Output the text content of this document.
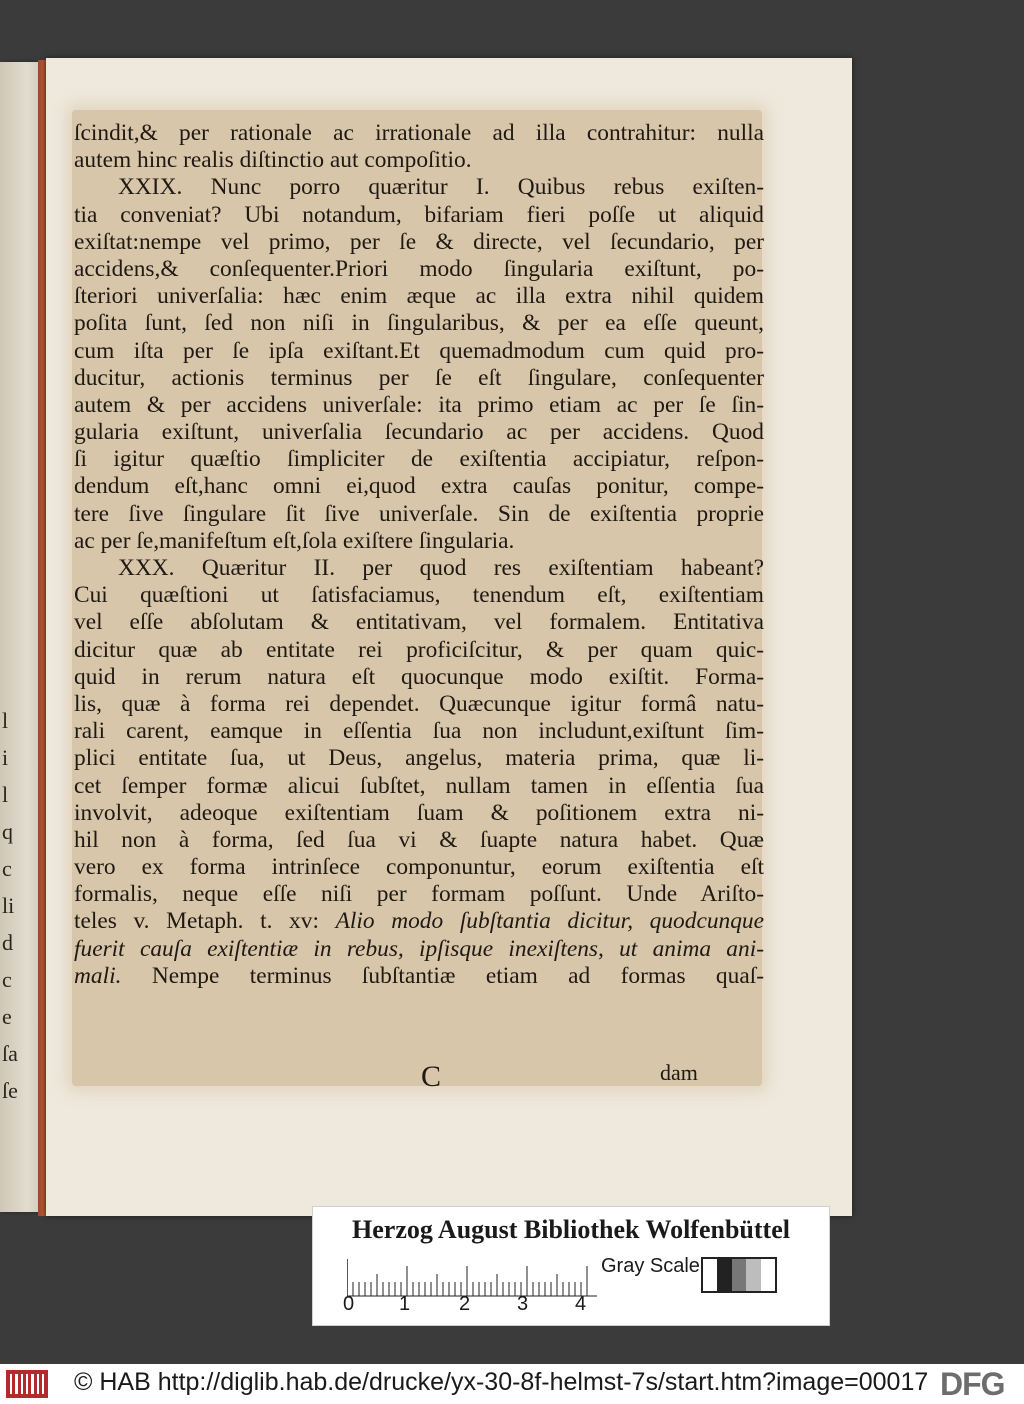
l
i
l
q
c
li
d
c
e
ſa
ſe
ſcindit,& per rationale ac irrationale ad illa contrahitur: nulla
autem hinc realis diſtinctio aut compoſitio.
XXIX. Nunc porro quæritur I. Quibus rebus exiſten-
tia conveniat? Ubi notandum, bifariam fieri poſſe ut aliquid
exiſtat:nempe vel primo, per ſe & directe, vel ſecundario, per
accidens,& conſequenter.Priori modo ſingularia exiſtunt, po-
ſteriori univerſalia: hæc enim æque ac illa extra nihil quidem
poſita ſunt, ſed non niſi in ſingularibus, & per ea eſſe queunt,
cum iſta per ſe ipſa exiſtant.Et quemadmodum cum quid pro-
ducitur, actionis terminus per ſe eſt ſingulare, conſequenter
autem & per accidens univerſale: ita primo etiam ac per ſe ſin-
gularia exiſtunt, univerſalia ſecundario ac per accidens. Quod
ſi igitur quæſtio ſimpliciter de exiſtentia accipiatur, reſpon-
dendum eſt,hanc omni ei,quod extra cauſas ponitur, compe-
tere ſive ſingulare ſit ſive univerſale. Sin de exiſtentia proprie
ac per ſe,manifeſtum eſt,ſola exiſtere ſingularia.
XXX. Quæritur II. per quod res exiſtentiam habeant?
Cui quæſtioni ut ſatisfaciamus, tenendum eſt, exiſtentiam
vel eſſe abſolutam & entitativam, vel formalem. Entitativa
dicitur quæ ab entitate rei proficiſcitur, & per quam quic-
quid in rerum natura eſt quocunque modo exiſtit. Forma-
lis, quæ à forma rei dependet. Quæcunque igitur formâ natu-
rali carent, eamque in eſſentia ſua non includunt,exiſtunt ſim-
plici entitate ſua, ut Deus, angelus, materia prima, quæ li-
cet ſemper formæ alicui ſubſtet, nullam tamen in eſſentia ſua
involvit, adeoque exiſtentiam ſuam & poſitionem extra ni-
hil non à forma, ſed ſua vi & ſuapte natura habet. Quæ
vero ex forma intrinſece componuntur, eorum exiſtentia eſt
formalis, neque eſſe niſi per formam poſſunt. Unde Ariſto-
teles v. Metaph. t. xv: Alio modo ſubſtantia dicitur, quodcunque
fuerit cauſa exiſtentiæ in rebus, ipſisque inexiſtens, ut anima ani-
mali. Nempe terminus ſubſtantiæ etiam ad formas quaſ-
C	dam
Herzog August Bibliothek Wolfenbüttel
0 1 2 3 4
Gray Scale
© HAB http://diglib.hab.de/drucke/yx-30-8f-helmst-7s/start.htm?image=00017 DFG
